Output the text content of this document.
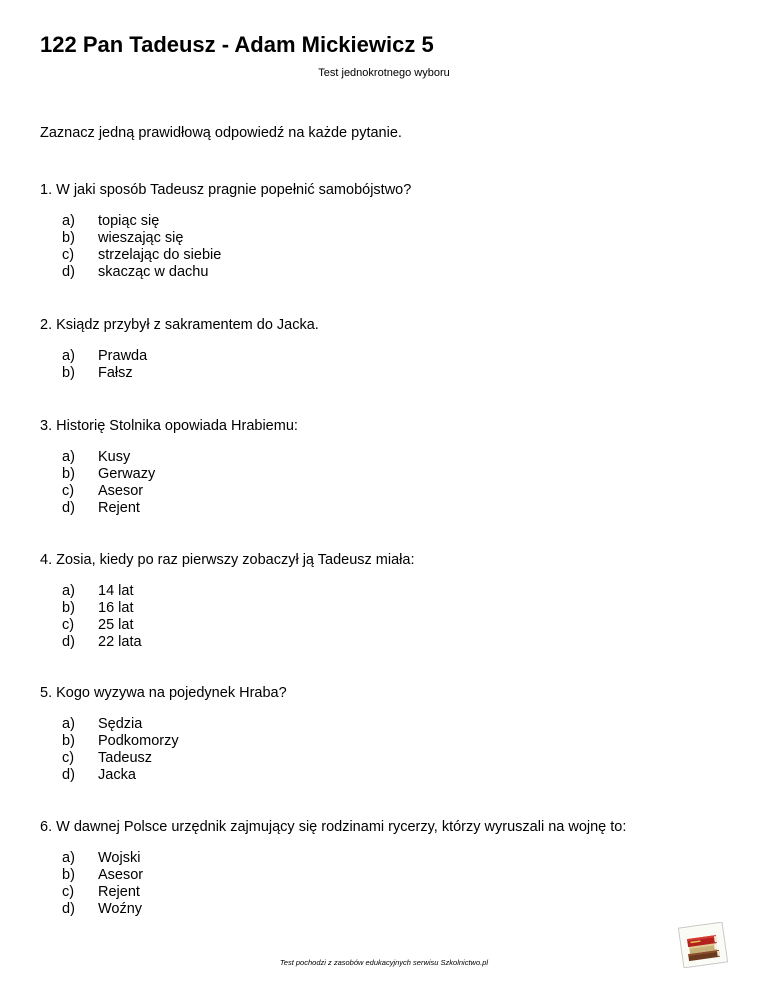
122 Pan Tadeusz - Adam Mickiewicz 5
Test jednokrotnego wyboru
Zaznacz jedną prawidłową odpowiedź na każde pytanie.
1. W jaki sposób Tadeusz pragnie popełnić samobójstwo?
a)	topiąc się
b)	wieszając się
c)	strzelając do siebie
d)	skacząc w dachu
2. Ksiądz przybył z sakramentem do Jacka.
a)	Prawda
b)	Fałsz
3. Historię Stolnika opowiada Hrabiemu:
a)	Kusy
b)	Gerwazy
c)	Asesor
d)	Rejent
4. Zosia, kiedy po raz pierwszy zobaczył ją Tadeusz miała:
a)	14 lat
b)	16 lat
c)	25 lat
d)	22 lata
5. Kogo wyzywa na pojedynek Hraba?
a)	Sędzia
b)	Podkomorzy
c)	Tadeusz
d)	Jacka
6. W dawnej Polsce urzędnik zajmujący się rodzinami rycerzy, którzy wyruszali na wojnę to:
a)	Wojski
b)	Asesor
c)	Rejent
d)	Woźny
Test pochodzi z zasobów edukacyjnych serwisu Szkolnictwo.pl
